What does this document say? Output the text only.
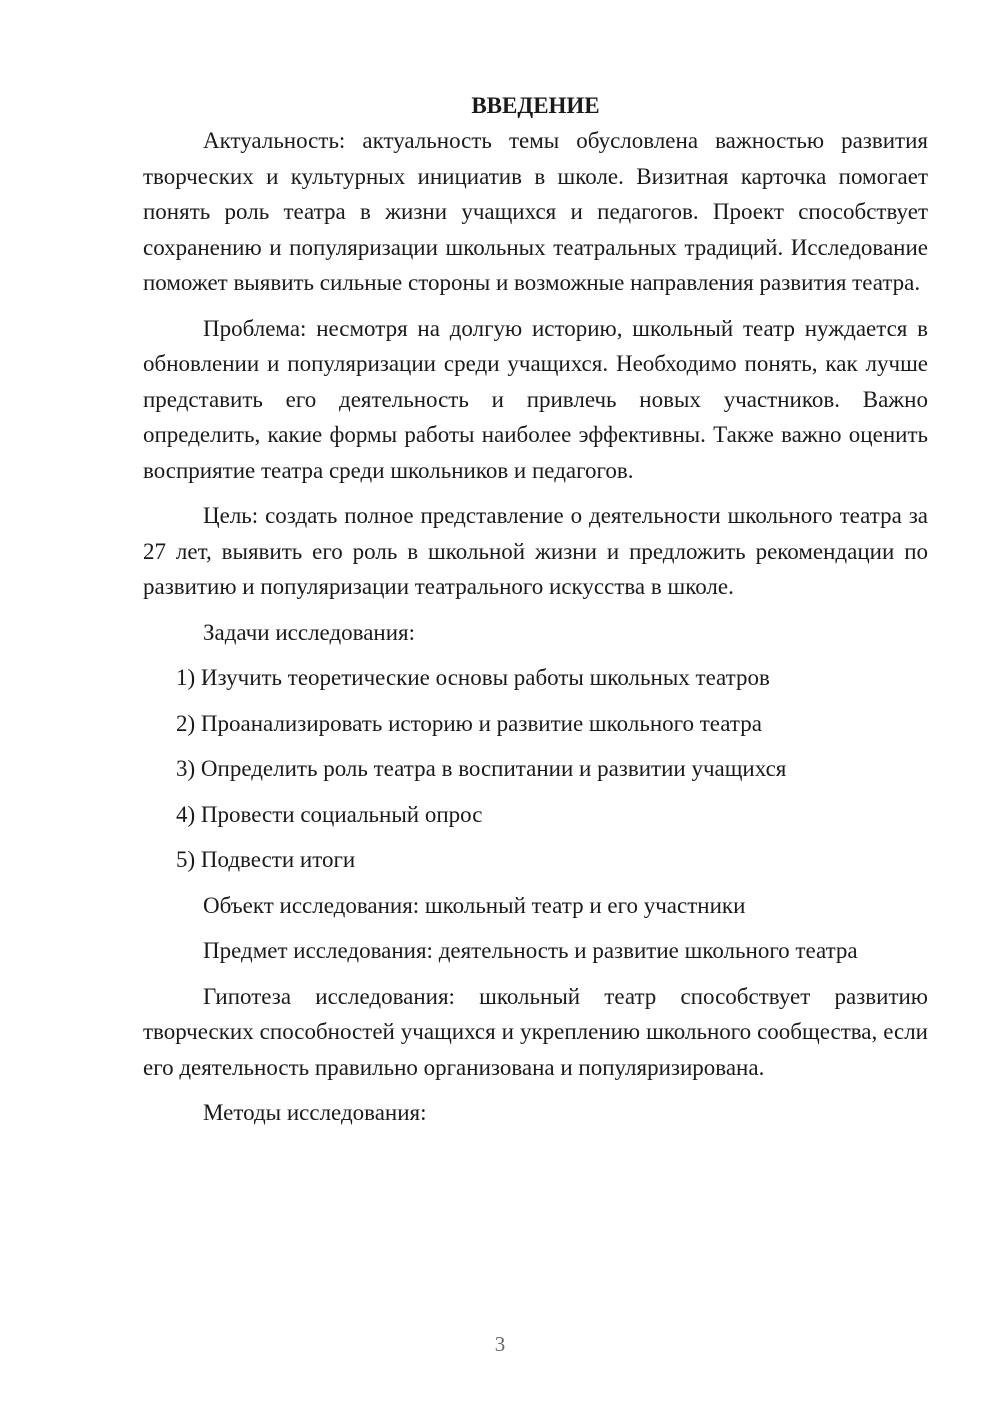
ВВЕДЕНИЕ

Актуальность: актуальность темы обусловлена важностью развития творческих и культурных инициатив в школе. Визитная карточка помогает понять роль театра в жизни учащихся и педагогов. Проект способствует сохранению и популяризации школьных театральных традиций. Исследование поможет выявить сильные стороны и возможные направления развития театра.

Проблема: несмотря на долгую историю, школьный театр нуждается в обновлении и популяризации среди учащихся. Необходимо понять, как лучше представить его деятельность и привлечь новых участников. Важно определить, какие формы работы наиболее эффективны. Также важно оценить восприятие театра среди школьников и педагогов.

Цель: создать полное представление о деятельности школьного театра за 27 лет, выявить его роль в школьной жизни и предложить рекомендации по развитию и популяризации театрального искусства в школе.

Задачи исследования:

1) Изучить теоретические основы работы школьных театров

2) Проанализировать историю и развитие школьного театра

3) Определить роль театра в воспитании и развитии учащихся

4) Провести социальный опрос

5) Подвести итоги

Объект исследования: школьный театр и его участники

Предмет исследования: деятельность и развитие школьного театра

Гипотеза исследования: школьный театр способствует развитию творческих способностей учащихся и укреплению школьного сообщества, если его деятельность правильно организована и популяризирована.

Методы исследования:

3
